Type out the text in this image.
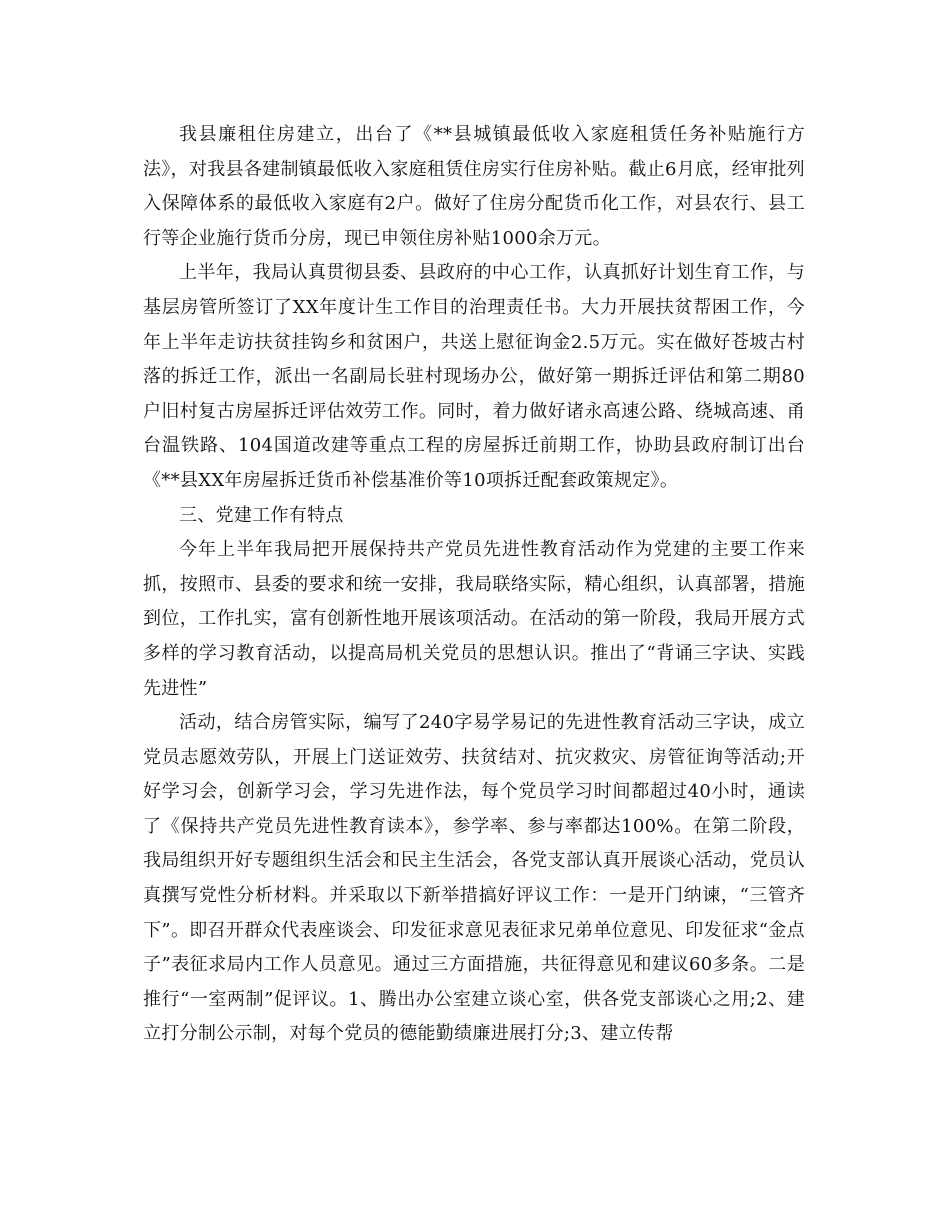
我县廉租住房建立，出台了《**县城镇最低收入家庭租赁任务补贴施行方法》，对我县各建制镇最低收入家庭租赁住房实行住房补贴。截止6月底，经审批列入保障体系的最低收入家庭有2户。做好了住房分配货币化工作，对县农行、县工行等企业施行货币分房，现已申领住房补贴1000余万元。

上半年，我局认真贯彻县委、县政府的中心工作，认真抓好计划生育工作，与基层房管所签订了XX年度计生工作目的治理责任书。大力开展扶贫帮困工作，今年上半年走访扶贫挂钩乡和贫困户，共送上慰征询金2.5万元。实在做好苍坡古村落的拆迁工作，派出一名副局长驻村现场办公，做好第一期拆迁评估和第二期80户旧村复古房屋拆迁评估效劳工作。同时，着力做好诸永高速公路、绕城高速、甬台温铁路、104国道改建等重点工程的房屋拆迁前期工作，协助县政府制订出台《**县XX年房屋拆迁货币补偿基准价等10项拆迁配套政策规定》。

三、党建工作有特点

今年上半年我局把开展保持共产党员先进性教育活动作为党建的主要工作来抓，按照市、县委的要求和统一安排，我局联络实际，精心组织，认真部署，措施到位，工作扎实，富有创新性地开展该项活动。在活动的第一阶段，我局开展方式多样的学习教育活动，以提高局机关党员的思想认识。推出了“背诵三字诀、实践先进性”

活动，结合房管实际，编写了240字易学易记的先进性教育活动三字诀，成立党员志愿效劳队，开展上门送证效劳、扶贫结对、抗灾救灾、房管征询等活动;开好学习会，创新学习会，学习先进作法，每个党员学习时间都超过40小时，通读了《保持共产党员先进性教育读本》，参学率、参与率都达100%。在第二阶段，我局组织开好专题组织生活会和民主生活会，各党支部认真开展谈心活动，党员认真撰写党性分析材料。并采取以下新举措搞好评议工作：一是开门纳谏，“三管齐下”。即召开群众代表座谈会、印发征求意见表征求兄弟单位意见、印发征求“金点子”表征求局内工作人员意见。通过三方面措施，共征得意见和建议60多条。二是推行“一室两制”促评议。1、腾出办公室建立谈心室，供各党支部谈心之用;2、建立打分制公示制，对每个党员的德能勤绩廉进展打分;3、建立传帮
